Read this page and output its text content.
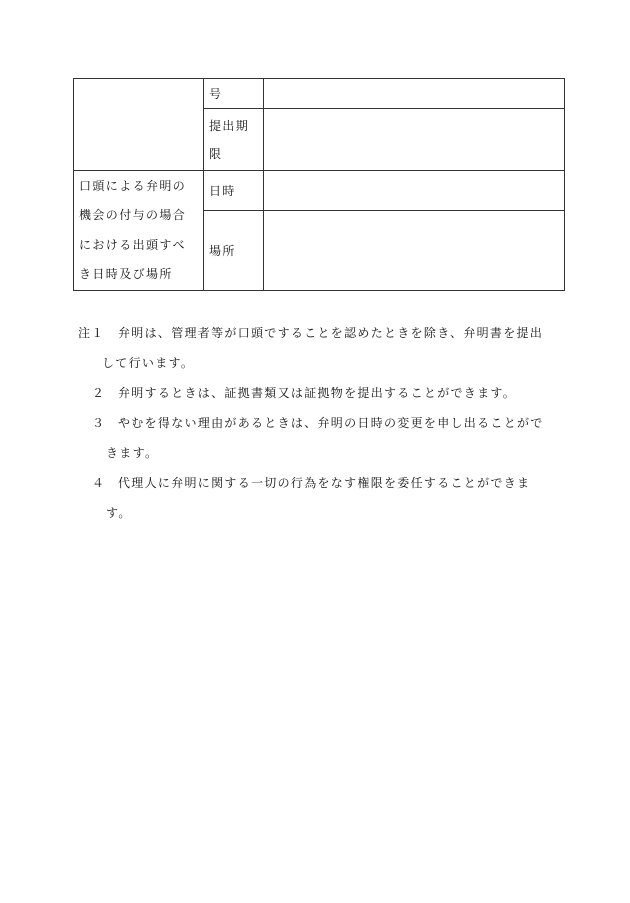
	号	

	提出期
限	

口頭による弁明の
機会の付与の場合
における出頭すべ
き日時及び場所	日時	
	場所	
注１ 弁明は、管理者等が口頭ですることを認めたときを除き、弁明書を提出
して行います。
２ 弁明するときは、証拠書類又は証拠物を提出することができます。
３ やむを得ない理由があるときは、弁明の日時の変更を申し出ることがで
きます。
４ 代理人に弁明に関する一切の行為をなす権限を委任することができま
す。
